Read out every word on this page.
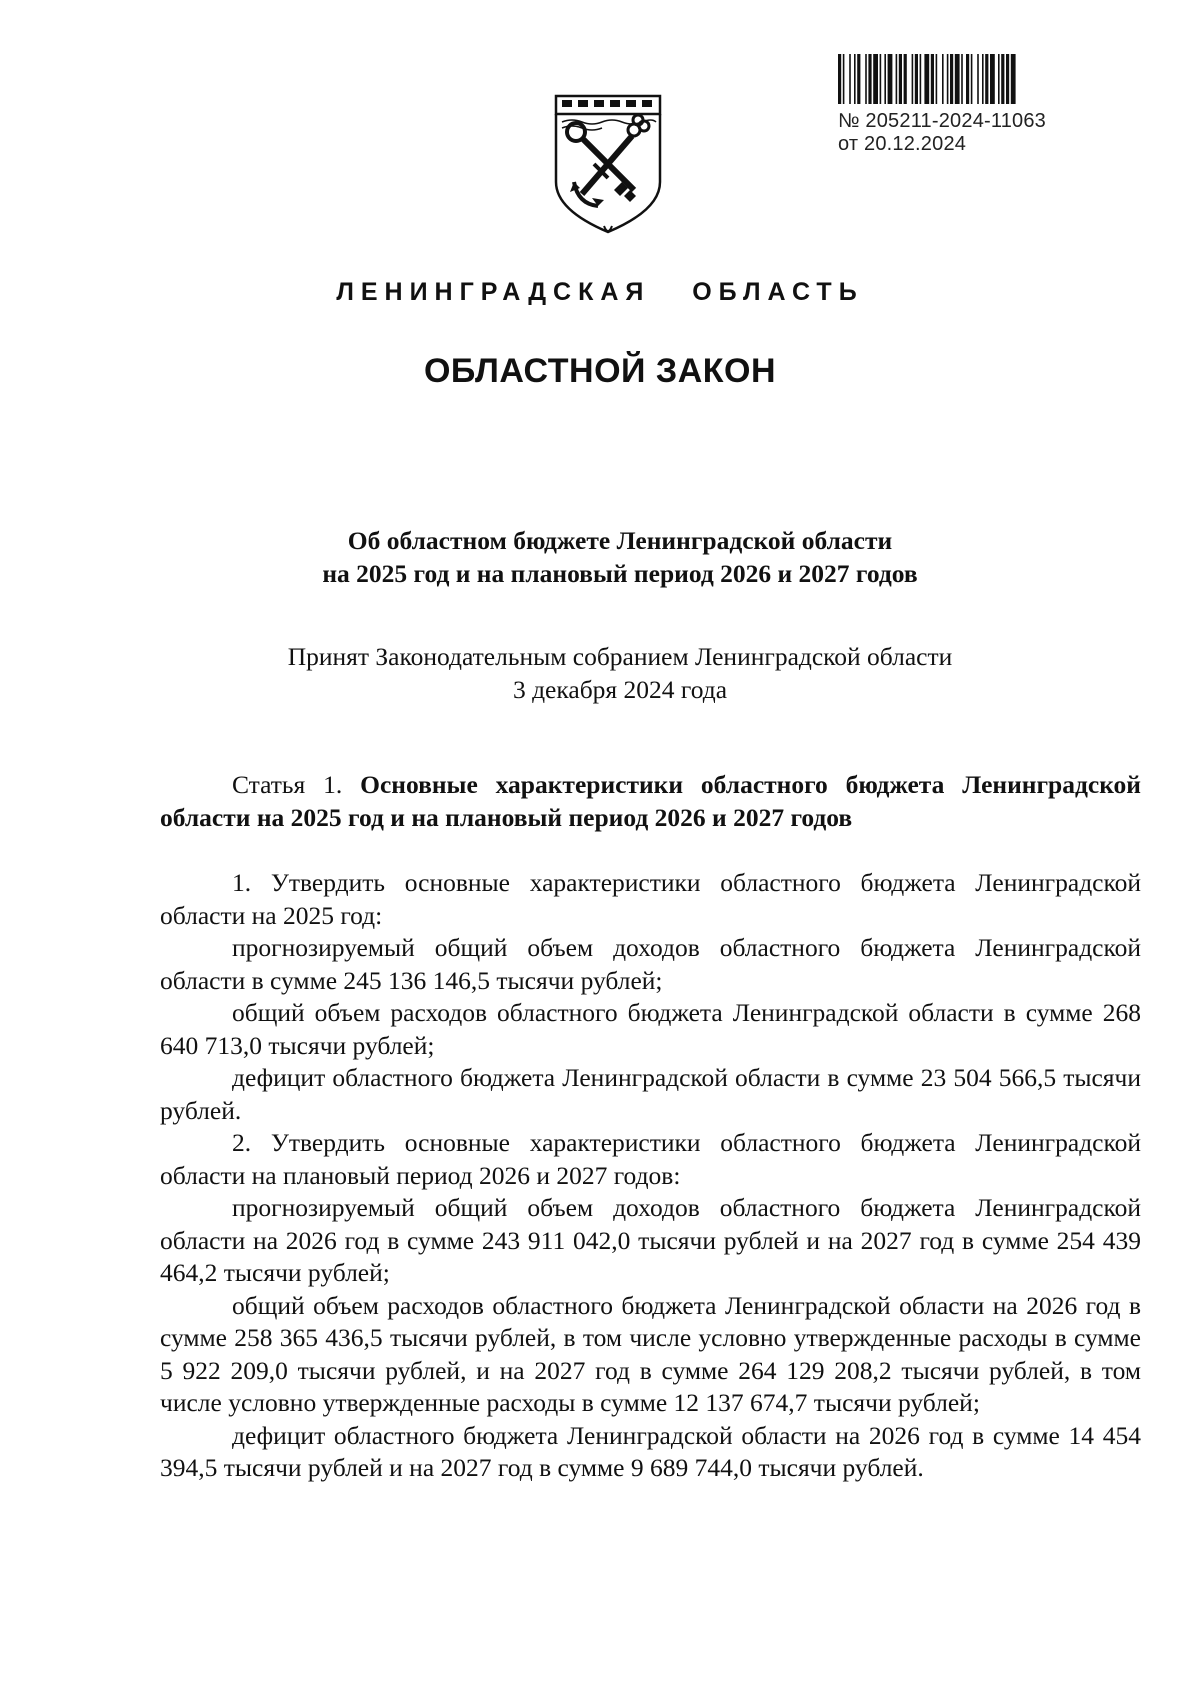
№ 205211-2024-11063
от 20.12.2024
ЛЕНИНГРАДСКАЯ   ОБЛАСТЬ
ОБЛАСТНОЙ ЗАКОН
Об областном бюджете Ленинградской области
на 2025 год и на плановый период 2026 и 2027 годов
Принят Законодательным собранием Ленинградской области
3 декабря 2024 года

Статья 1. Основные характеристики областного бюджета Ленинградской области на 2025 год и на плановый период 2026 и 2027 годов

1. Утвердить основные характеристики областного бюджета Ленинградской области на 2025 год:

прогнозируемый общий объем доходов областного бюджета Ленинградской области в сумме 245 136 146,5 тысячи рублей;

общий объем расходов областного бюджета Ленинградской области в сумме 268 640 713,0 тысячи рублей;

дефицит областного бюджета Ленинградской области в сумме 23 504 566,5 тысячи рублей.

2. Утвердить основные характеристики областного бюджета Ленинградской области на плановый период 2026 и 2027 годов:

прогнозируемый общий объем доходов областного бюджета Ленинградской области на 2026 год в сумме 243 911 042,0 тысячи рублей и на 2027 год в сумме 254 439 464,2 тысячи рублей;

общий объем расходов областного бюджета Ленинградской области на 2026 год в сумме 258 365 436,5 тысячи рублей, в том числе условно утвержденные расходы в сумме 5 922 209,0 тысячи рублей, и на 2027 год в сумме 264 129 208,2 тысячи рублей, в том числе условно утвержденные расходы в сумме 12 137 674,7 тысячи рублей;

дефицит областного бюджета Ленинградской области на 2026 год в сумме 14 454 394,5 тысячи рублей и на 2027 год в сумме 9 689 744,0 тысячи рублей.
